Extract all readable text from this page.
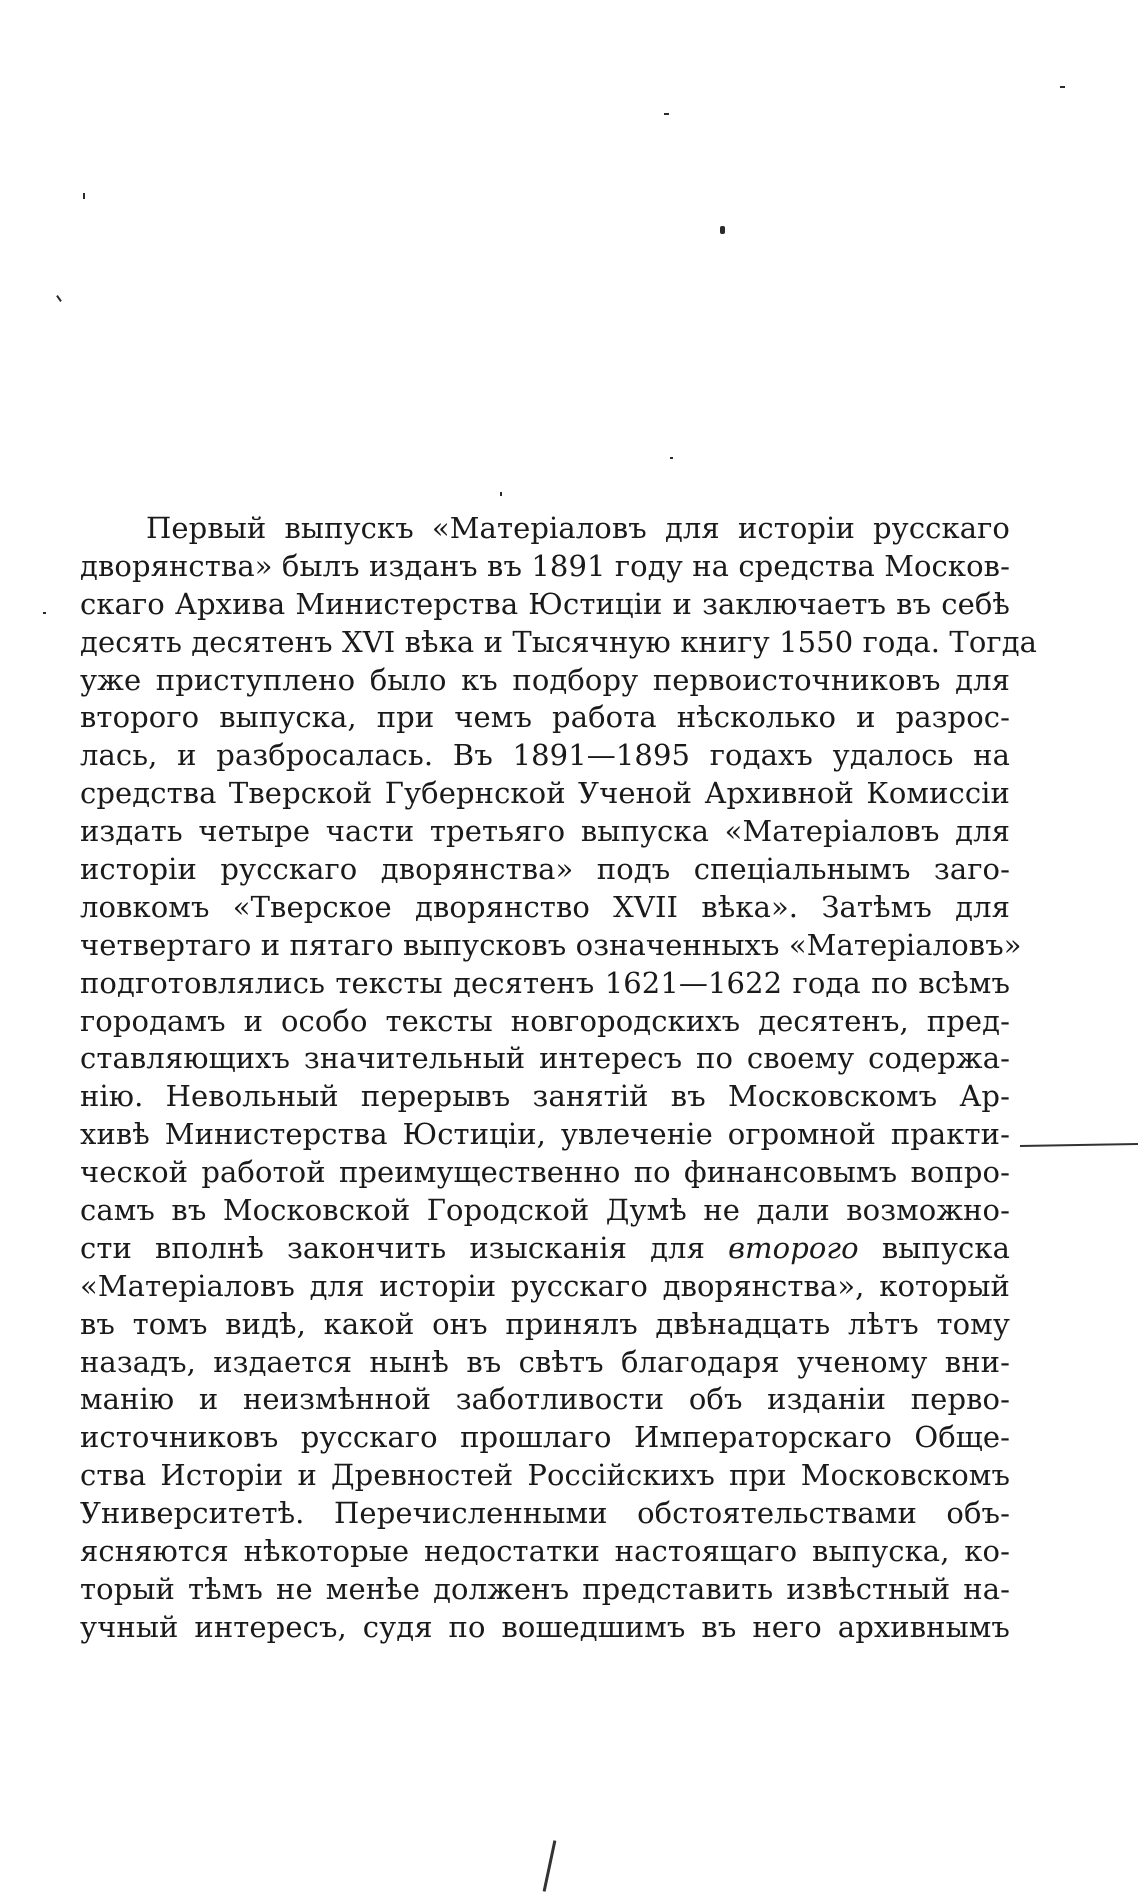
Первый выпускъ «Матеріаловъ для исторіи русскаго
дворянства» былъ изданъ въ 1891 году на средства Москов-
скаго Архива Министерства Юстиціи и заключаетъ въ себѣ
десять десятенъ XVI вѣка и Тысячную книгу 1550 года. Тогда
уже приступлено было къ подбору первоисточниковъ для
второго выпуска, при чемъ работа нѣсколько и разрос-
лась, и разбросалась. Въ 1891—1895 годахъ удалось на
средства Тверской Губернской Ученой Архивной Комиссіи
издать четыре части третьяго выпуска «Матеріаловъ для
исторіи русскаго дворянства» подъ спеціальнымъ заго-
ловкомъ «Тверское дворянство XVII вѣка». Затѣмъ для
четвертаго и пятаго выпусковъ означенныхъ «Матеріаловъ»
подготовлялись тексты десятенъ 1621—1622 года по всѣмъ
городамъ и особо тексты новгородскихъ десятенъ, пред-
ставляющихъ значительный интересъ по своему содержа-
нію. Невольный перерывъ занятій въ Московскомъ Ар-
хивѣ Министерства Юстиціи, увлеченіе огромной практи-
ческой работой преимущественно по финансовымъ вопро-
самъ въ Московской Городской Думѣ не дали возможно-
сти вполнѣ закончить изысканія для второго выпуска
«Матеріаловъ для исторіи русскаго дворянства», который
въ томъ видѣ, какой онъ принялъ двѣнадцать лѣтъ тому
назадъ, издается нынѣ въ свѣтъ благодаря ученому вни-
манію и неизмѣнной заботливости объ изданіи перво-
источниковъ русскаго прошлаго Императорскаго Обще-
ства Исторіи и Древностей Россійскихъ при Московскомъ
Университетѣ. Перечисленными обстоятельствами объ-
ясняются нѣкоторые недостатки настоящаго выпуска, ко-
торый тѣмъ не менѣе долженъ представить извѣстный на-
учный интересъ, судя по вошедшимъ въ него архивнымъ
